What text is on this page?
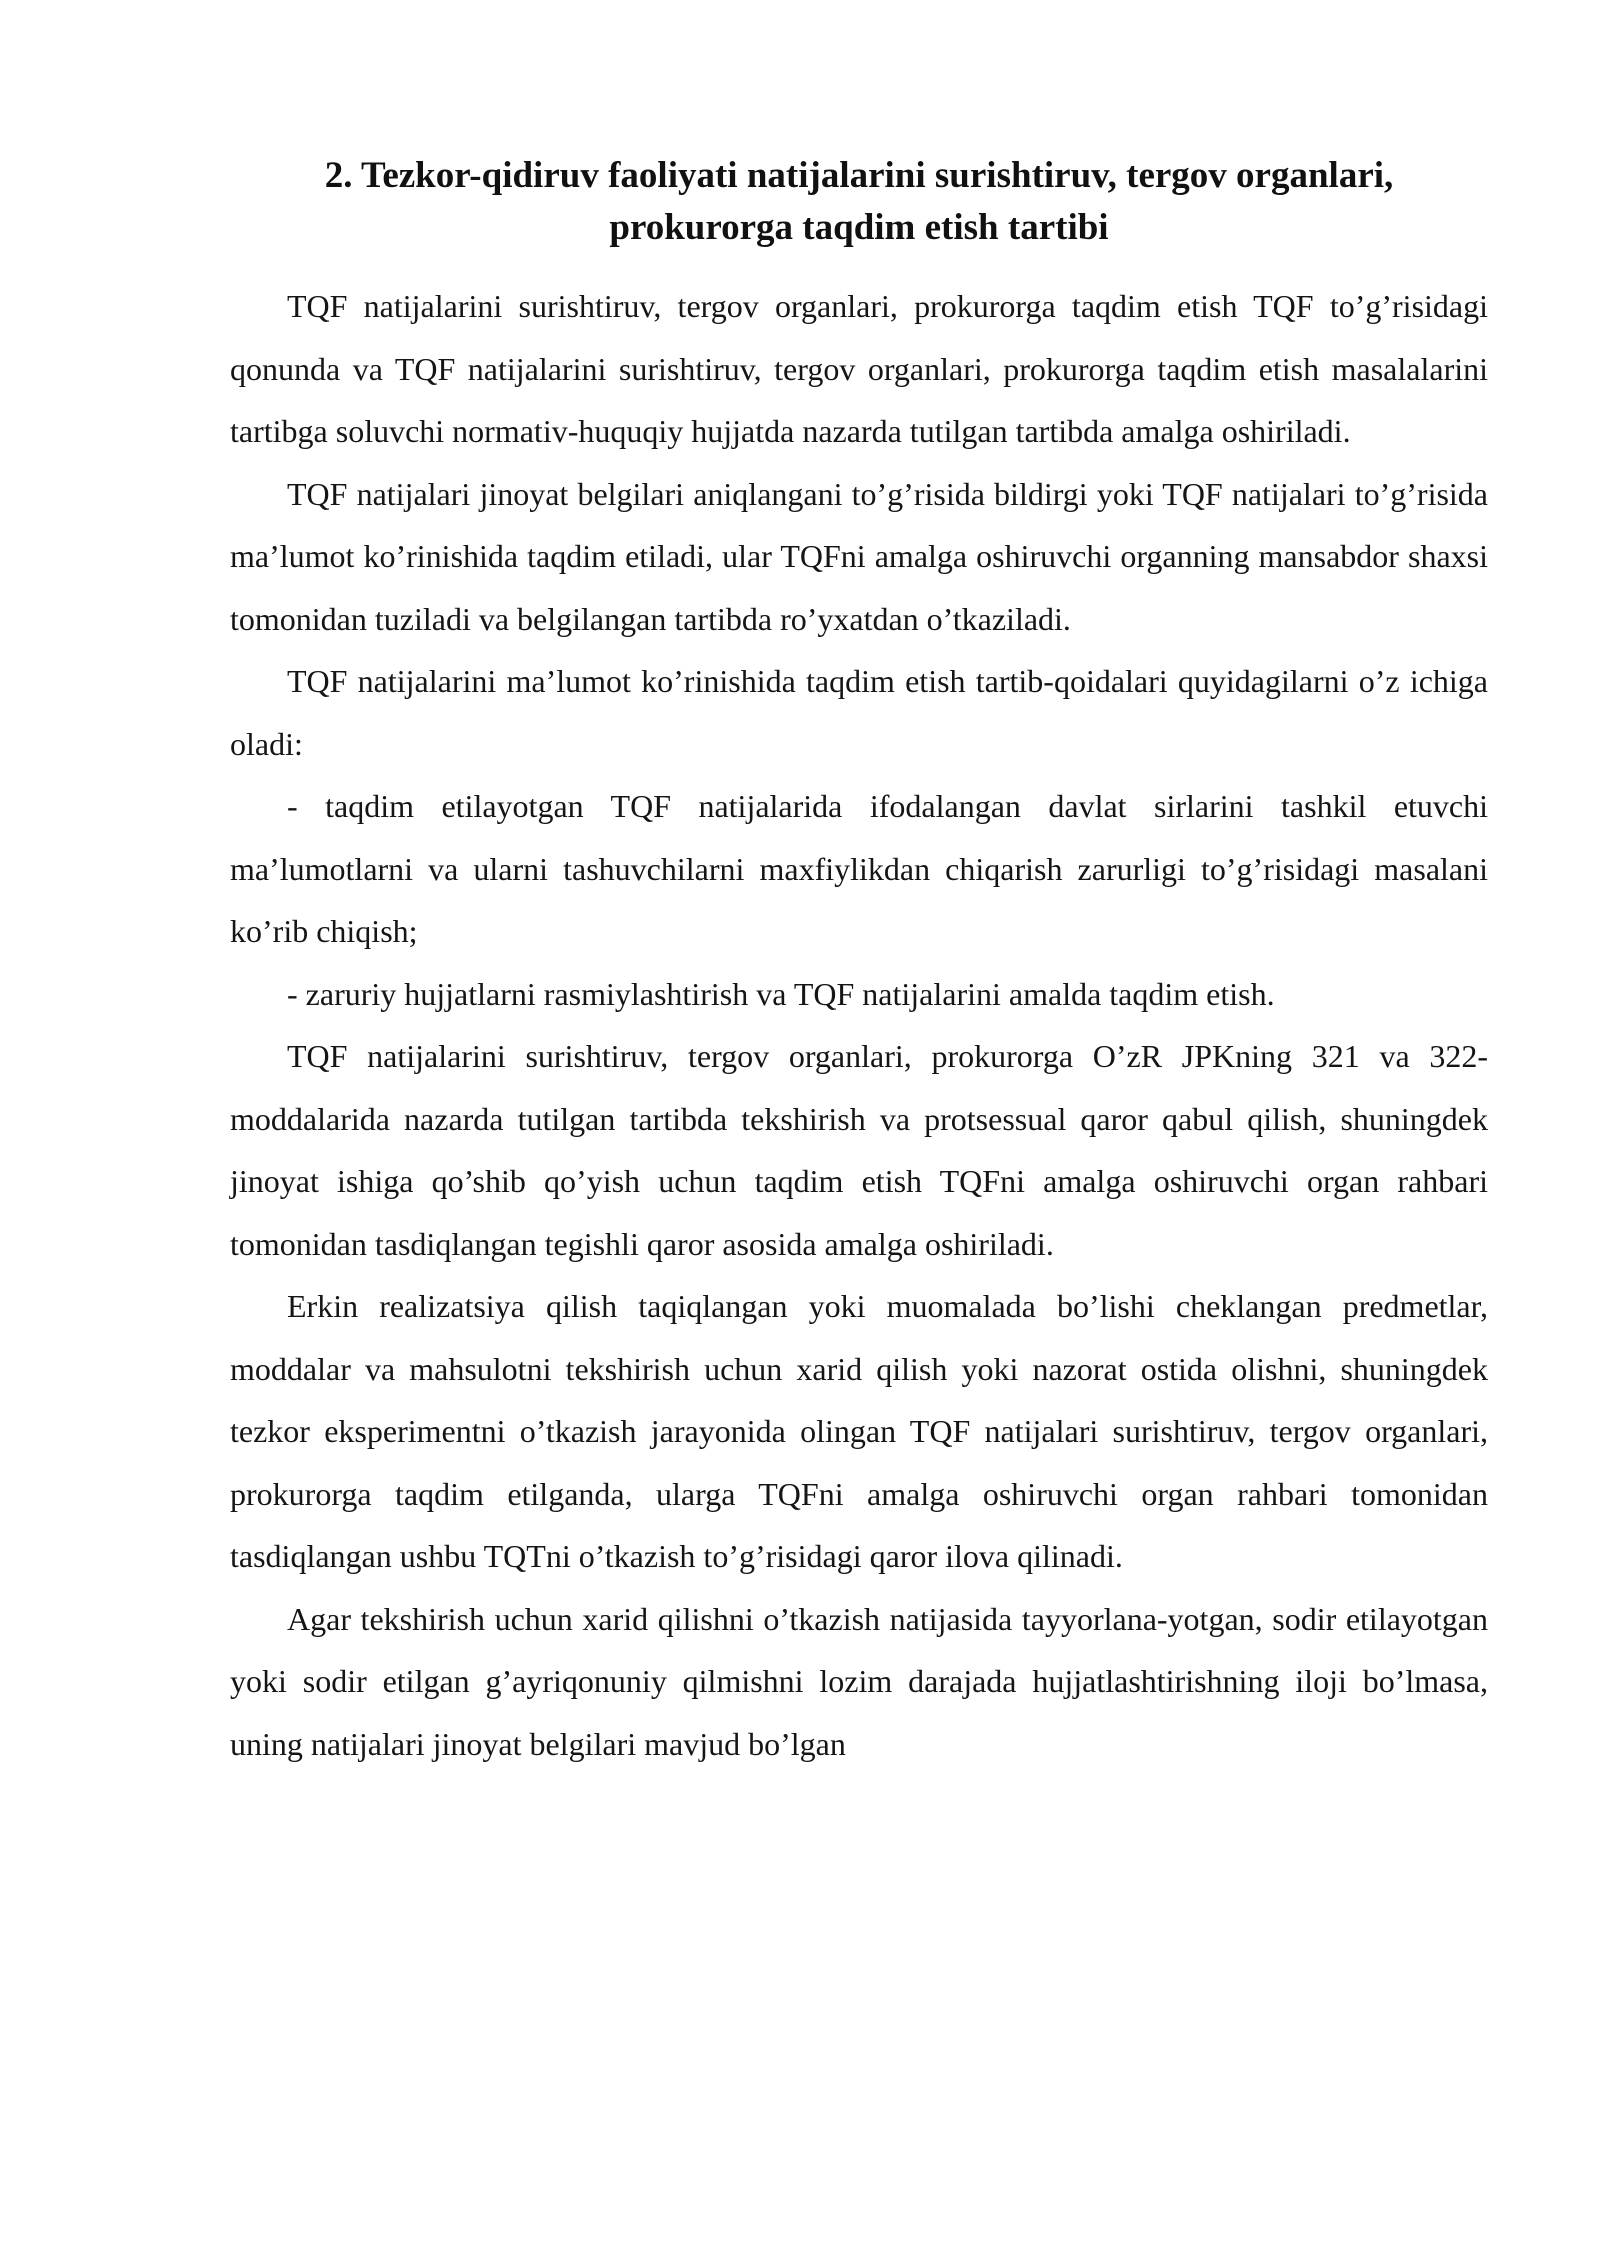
2. Tezkor-qidiruv faoliyati natijalarini surishtiruv, tergov organlari,
prokurorga taqdim etish tartibi

TQF natijalarini surishtiruv, tergov organlari, prokurorga taqdim etish TQF to’g’risidagi qonunda va TQF natijalarini surishtiruv, tergov organlari, prokurorga taqdim etish masalalarini tartibga soluvchi normativ-huquqiy hujjatda nazarda tutilgan tartibda amalga oshiriladi.

TQF natijalari jinoyat belgilari aniqlangani to’g’risida bildirgi yoki TQF natijalari to’g’risida ma’lumot ko’rinishida taqdim etiladi, ular TQFni amalga oshiruvchi organning mansabdor shaxsi tomonidan tuziladi va belgilangan tartibda ro’yxatdan o’tkaziladi.

TQF natijalarini ma’lumot ko’rinishida taqdim etish tartib-qoidalari quyidagilarni o’z ichiga oladi:

- taqdim etilayotgan TQF natijalarida ifodalangan davlat sirlarini tashkil etuvchi ma’lumotlarni va ularni tashuvchilarni maxfiylikdan chiqarish zarurligi to’g’risidagi masalani ko’rib chiqish;

- zaruriy hujjatlarni rasmiylashtirish va TQF natijalarini amalda taqdim etish.

TQF natijalarini surishtiruv, tergov organlari, prokurorga O’zR JPKning 321 va 322-moddalarida nazarda tutilgan tartibda tekshirish va protsessual qaror qabul qilish, shuningdek jinoyat ishiga qo’shib qo’yish uchun taqdim etish TQFni amalga oshiruvchi organ rahbari tomonidan tasdiqlangan tegishli qaror asosida amalga oshiriladi.

Erkin realizatsiya qilish taqiqlangan yoki muomalada bo’lishi cheklangan predmetlar, moddalar va mahsulotni tekshirish uchun xarid qilish yoki nazorat ostida olishni, shuningdek tezkor eksperimentni o’tkazish jarayonida olingan TQF natijalari surishtiruv, tergov organlari, prokurorga taqdim etilganda, ularga TQFni amalga oshiruvchi organ rahbari tomonidan tasdiqlangan ushbu TQTni o’tkazish to’g’risidagi qaror ilova qilinadi.

Agar tekshirish uchun xarid qilishni o’tkazish natijasida tayyorlana-yotgan, sodir etilayotgan yoki sodir etilgan g’ayriqonuniy qilmishni lozim darajada hujjatlashtirishning iloji bo’lmasa, uning natijalari jinoyat belgilari mavjud bo’lgan
